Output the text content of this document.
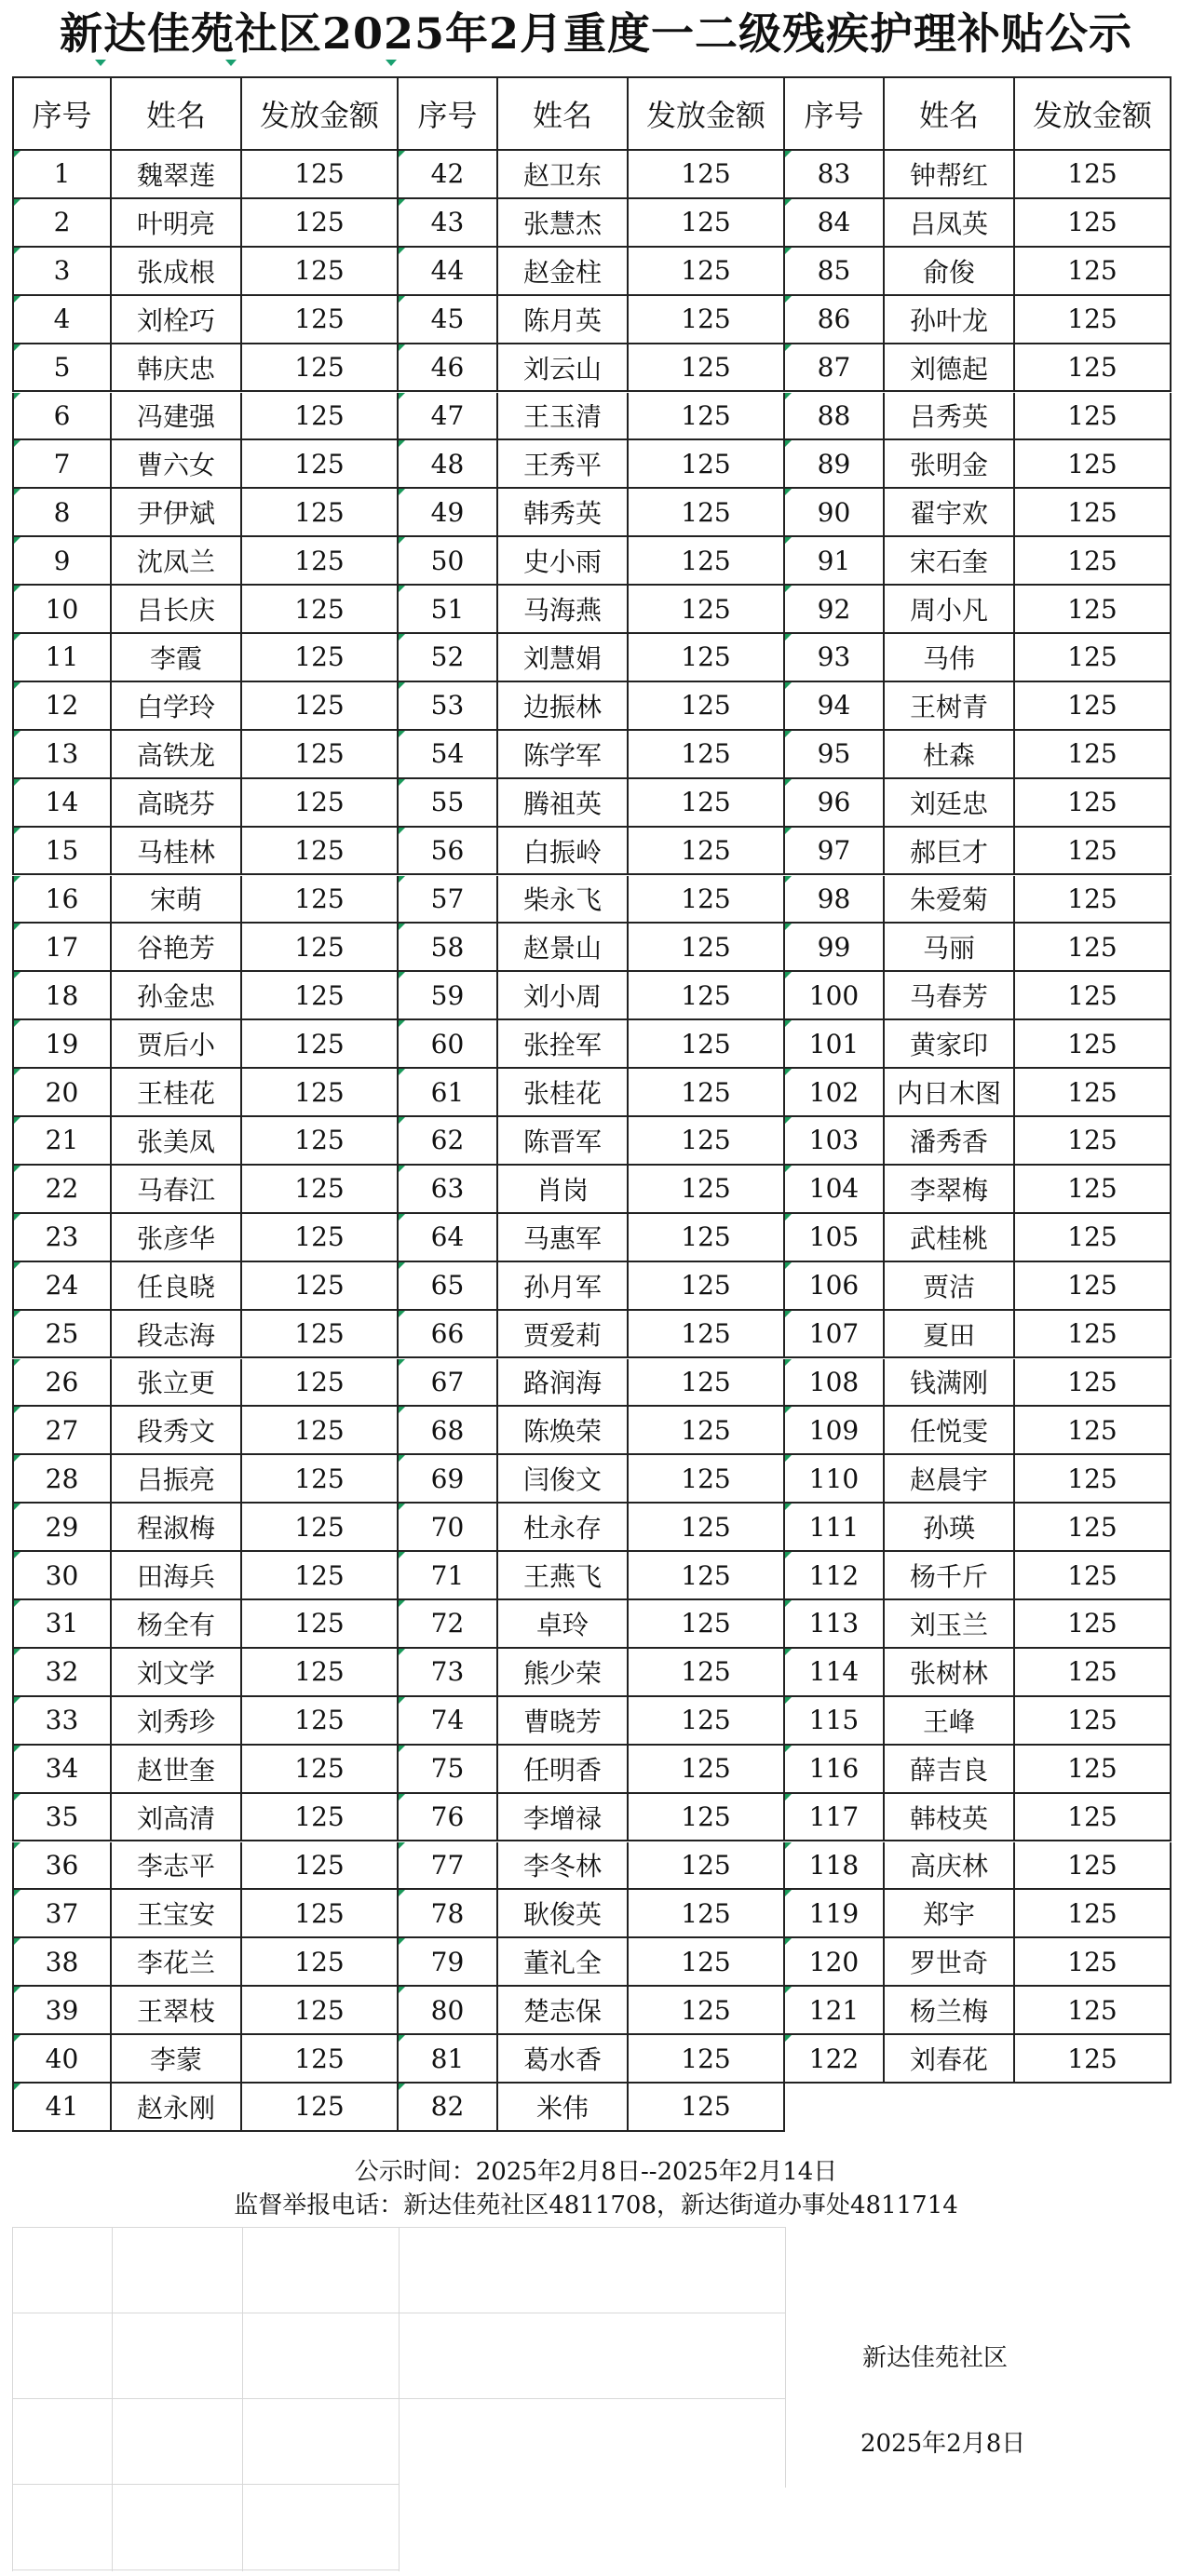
新达佳苑社区2025年2月重度一二级残疾护理补贴公示
序号	姓名	发放金额
1	魏翠莲	125
2	叶明亮	125
3	张成根	125
4	刘栓巧	125
5	韩庆忠	125
6	冯建强	125
7	曹六女	125
8	尹伊斌	125
9	沈凤兰	125
10	吕长庆	125
11	李霞	125
12	白学玲	125
13	高铁龙	125
14	高晓芬	125
15	马桂林	125
16	宋萌	125
17	谷艳芳	125
18	孙金忠	125
19	贾后小	125
20	王桂花	125
21	张美凤	125
22	马春江	125
23	张彦华	125
24	任良晓	125
25	段志海	125
26	张立更	125
27	段秀文	125
28	吕振亮	125
29	程淑梅	125
30	田海兵	125
31	杨全有	125
32	刘文学	125
33	刘秀珍	125
34	赵世奎	125
35	刘高清	125
36	李志平	125
37	王宝安	125
38	李花兰	125
39	王翠枝	125
40	李蒙	125
41	赵永刚	125
序号	姓名	发放金额
42	赵卫东	125
43	张慧杰	125
44	赵金柱	125
45	陈月英	125
46	刘云山	125
47	王玉清	125
48	王秀平	125
49	韩秀英	125
50	史小雨	125
51	马海燕	125
52	刘慧娟	125
53	边振林	125
54	陈学军	125
55	腾祖英	125
56	白振岭	125
57	柴永飞	125
58	赵景山	125
59	刘小周	125
60	张拴军	125
61	张桂花	125
62	陈晋军	125
63	肖岗	125
64	马惠军	125
65	孙月军	125
66	贾爱莉	125
67	路润海	125
68	陈焕荣	125
69	闫俊文	125
70	杜永存	125
71	王燕飞	125
72	卓玲	125
73	熊少荣	125
74	曹晓芳	125
75	任明香	125
76	李增禄	125
77	李冬林	125
78	耿俊英	125
79	董礼全	125
80	楚志保	125
81	葛水香	125
82	米伟	125
序号	姓名	发放金额
83	钟帮红	125
84	吕凤英	125
85	俞俊	125
86	孙叶龙	125
87	刘德起	125
88	吕秀英	125
89	张明金	125
90	翟宇欢	125
91	宋石奎	125
92	周小凡	125
93	马伟	125
94	王树青	125
95	杜森	125
96	刘廷忠	125
97	郝巨才	125
98	朱爱菊	125
99	马丽	125
100	马春芳	125
101	黄家印	125
102	内日木图	125
103	潘秀香	125
104	李翠梅	125
105	武桂桃	125
106	贾洁	125
107	夏田	125
108	钱满刚	125
109	任悦雯	125
110	赵晨宇	125
111	孙瑛	125
112	杨千斤	125
113	刘玉兰	125
114	张树林	125
115	王峰	125
116	薛吉良	125
117	韩枝英	125
118	高庆林	125
119	郑宇	125
120	罗世奇	125
121	杨兰梅	125
122	刘春花	125
公示时间：2025年2月8日--2025年2月14日
监督举报电话：新达佳苑社区4811708，新达街道办事处4811714
新达佳苑社区
2025年2月8日
